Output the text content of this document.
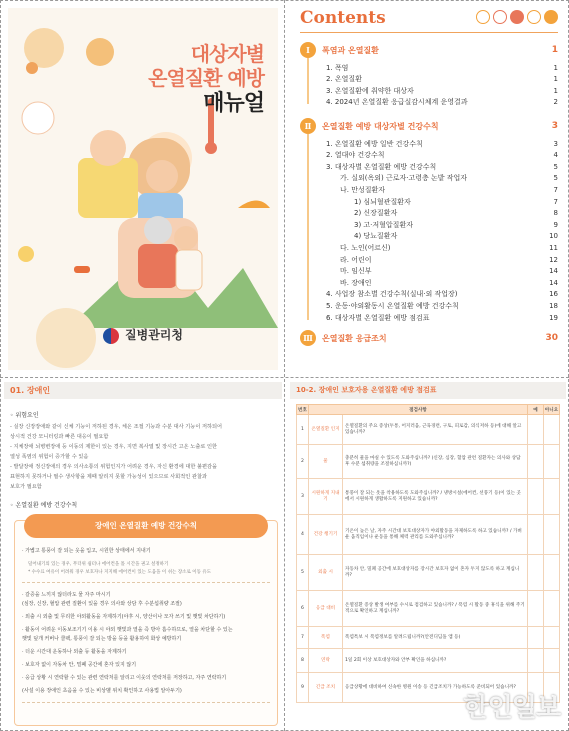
대상자별
온열질환 예방
매뉴얼
질병관리청
Contents
Ⅰ	폭염과 온열질환	1
1. 폭염	1
2. 온열질환	1
3. 온열질환에 취약한 대상자	1
4. 2024년 온열질환 응급실감시체계 운영결과	2
Ⅱ	온열질환 예방 대상자별 건강수칙	3
1. 온열질환 예방 일반 건강수칙	3
2. 열대야 건강수칙	4
3. 대상자별 온열질환 예방 건강수칙	5
가. 실외(옥외) 근로자·고령층 논밭 작업자	5
나. 만성질환자	7
1) 심뇌혈관질환자	7
2) 신장질환자	8
3) 고·저혈압질환자	9
4) 당뇨질환자	10
다. 노인(어르신)	11
라. 어린이	12
마. 임신부	14
바. 장애인	14
4. 사업장 참소별 건강수칙(실내·외 작업장)	16
5. 운동·야외활동시 온열질환 예방 건강수칙	18
6. 대상자별 온열질환 예방 점검표	19
Ⅲ	온열질환 응급조치	30
01. 장애인
◦ 위험요인
- 실장 신장장애와 같이 신체 기능이 저하된 경우, 체온 조절 기능과 수분 대사 기능이 저하되어
상시적 건강 모니터링과 빠른 대응이 필요함
- 지체장애 뇌병변장애 등 이동의 제한이 있는 경우, 지면 복사열 및 장시간 고온 노출로 인한
열성 폭염의 위험이 증가할 수 있음
- 발달장애 정신장애의 경우 의사소통의 위험인지가 어려운 경우, 자신 환경에 대한 불편감을
표현하지 못하거나 필수 생사항을 제때 알리지 못할 가능성이 있으므로 사회적인 관찰과
보호가 필요함
◦ 온열질환 예방 건강수칙
장애인 온열질환 예방 건강수칙
· 가볍고 통풍이 잘 되는 옷을 입고, 시원한 상태에서 지내기
· 갈증을 느끼지 않더라도 물 자주 마시기
(심장, 신장, 혈압 관련 질환이 있을 경우 의사와 상담 후 수분섭취량 조절)
· 외출 시 외출 및 무리한 야외활동을 자제하기(야후 시, 양산이나 모자 쓰기 및 햇빛 차단하기)
· 활동이 어려운 이동보조기기 이용 시 야외 햇빛과 열을 즉 방아 흡수하므로, 열을 차단할 수 있는
햇빛 덮개 커버나 쿨팩, 통풍이 잘 되는 방을 등을 활용하여 화상 예방하기
· 더운 시간대 운동하나 외출 등 활동을 자제하기
· 보호자 없이 자동차 안, 밀폐 공간에 혼자 있지 않기
· 응급 상황 시 연락할 수 있는 관련 연락처를 알리고 이웃의 연락처를 저장하고, 자주 연락하기
(사설 이용 장애인 초음을 수 있는 비상벨 위치 확인하고 사용법 알아두기)
덜어내기의 있는 경우, 무더위 쉼터나 에어컨을 틀 시간을 권고 설정하기
* 수수료 여유이 어려워 경우 보호자나 지지해 에어컨이 있는 도움을 이 쉬는 장소로 이동 유도
10-2. 장애인 보호자용 온열질환 예방 점검표
번호	점검사항		예	아니오
1	온열질환 인지	온열질환의 주요 증상(두통, 어지러움, 근육경련, 구토, 피로감, 의식저하 등)에 대해 알고 있습니까?		
2	물	충분히 물을 마실 수 있도록 도와주십니까? (신장, 심장, 혈압 관련 질환자는 의사와 상담 후 수분 섭취량을 조절하십니까?)		
3	시원하게 지내기	통풍이 잘 되는 옷을 착용하도록 도와주십니까? / 냉방시설(에어컨, 선풍기 등)이 있는 곳에서 시원하게 생활하도록 지원하고 있습니까?		
4	건강 챙기기	기온이 높은 날, 자주 시간대 보호대상자가 야외활동을 자제하도록 하고 있습니까? / 가벼운 움직임이나 운동을 통해 체력 관리를 도와주십니까?		
5	외출 시	자동차 안, 밀폐 공간에 보호대상자를 장시간 보호자 없이 혼자 두지 않도록 하고 계십니까?		
6	응급 대비	온열질환 증상 발생 여부를 수시로 점검하고 있습니까? / 폭염 시 활동 중 휴식을 위해 주기적으로 확인하고 계십니까?		
7	폭염	폭염특보 시 폭염정보를 알려드립니까?(안전디딤돌 앱 등)		
8	연락	1일 2회 이상 보호대상자와 안부 확인을 하십니까?		
9	긴급 조치	응급상황에 대비하여 신속한 병원 이송 등 긴급조치가 가능하도록 준비되어 있습니까?		
한인일보
